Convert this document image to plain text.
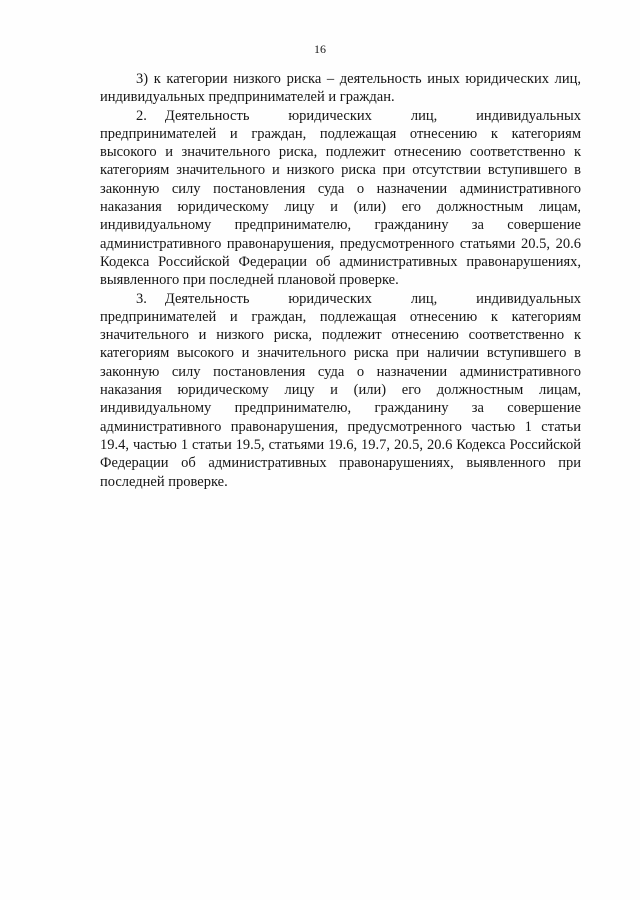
16

3) к категории низкого риска – деятельность иных юридических лиц, индивидуальных предпринимателей и граждан.

2. Деятельность юридических лиц, индивидуальных предпринимателей и граждан, подлежащая отнесению к категориям высокого и значительного риска, подлежит отнесению соответственно к категориям значительного и низкого риска при отсутствии вступившего в законную силу постановления суда о назначении административного наказания юридическому лицу и (или) его должностным лицам, индивидуальному предпринимателю, гражданину за совершение административного правонарушения, предусмотренного статьями 20.5, 20.6 Кодекса Российской Федерации об административных правонарушениях, выявленного при последней плановой проверке.

3. Деятельность юридических лиц, индивидуальных предпринимателей и граждан, подлежащая отнесению к категориям значительного и низкого риска, подлежит отнесению соответственно к категориям высокого и значительного риска при наличии вступившего в законную силу постановления суда о назначении административного наказания юридическому лицу и (или) его должностным лицам, индивидуальному предпринимателю, гражданину за совершение административного правонарушения, предусмотренного частью 1 статьи 19.4, частью 1 статьи 19.5, статьями 19.6, 19.7, 20.5, 20.6 Кодекса Российской Федерации об административных правонарушениях, выявленного при последней проверке.
